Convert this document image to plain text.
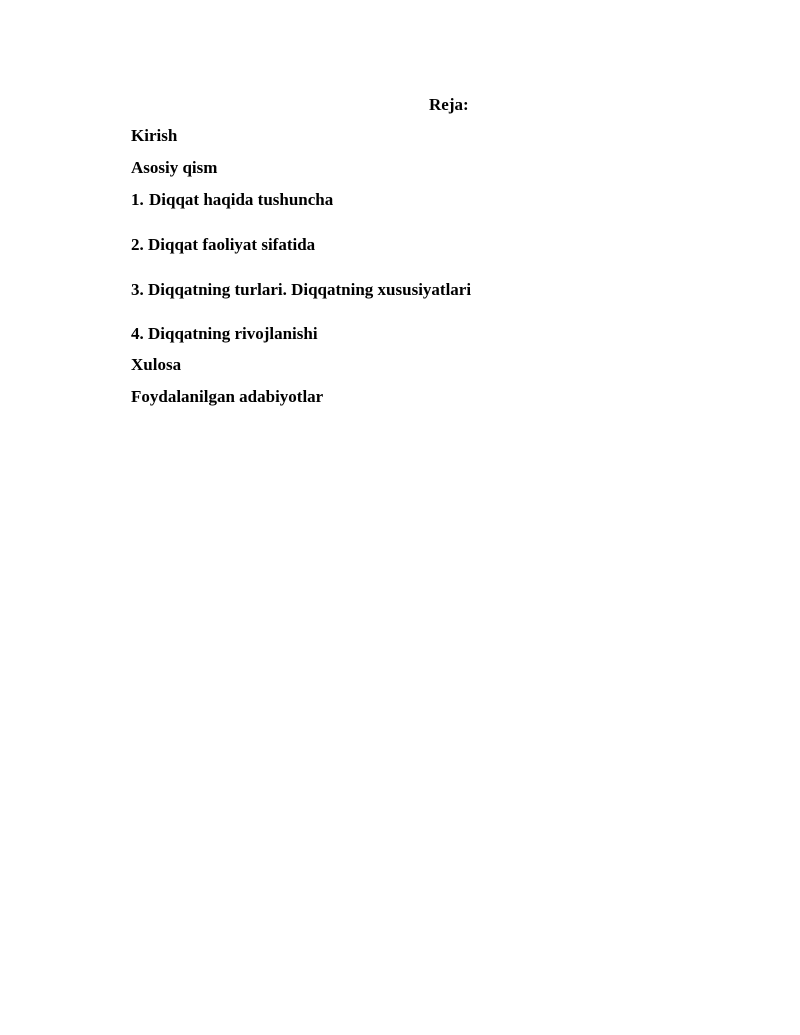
Reja:
Kirish
Asosiy qism
1. Diqqat haqida tushuncha
2. Diqqat faoliyat sifatida
3. Diqqatning turlari. Diqqatning xususiyatlari
4. Diqqatning rivojlanishi
Xulosa
Foydalanilgan adabiyotlar
